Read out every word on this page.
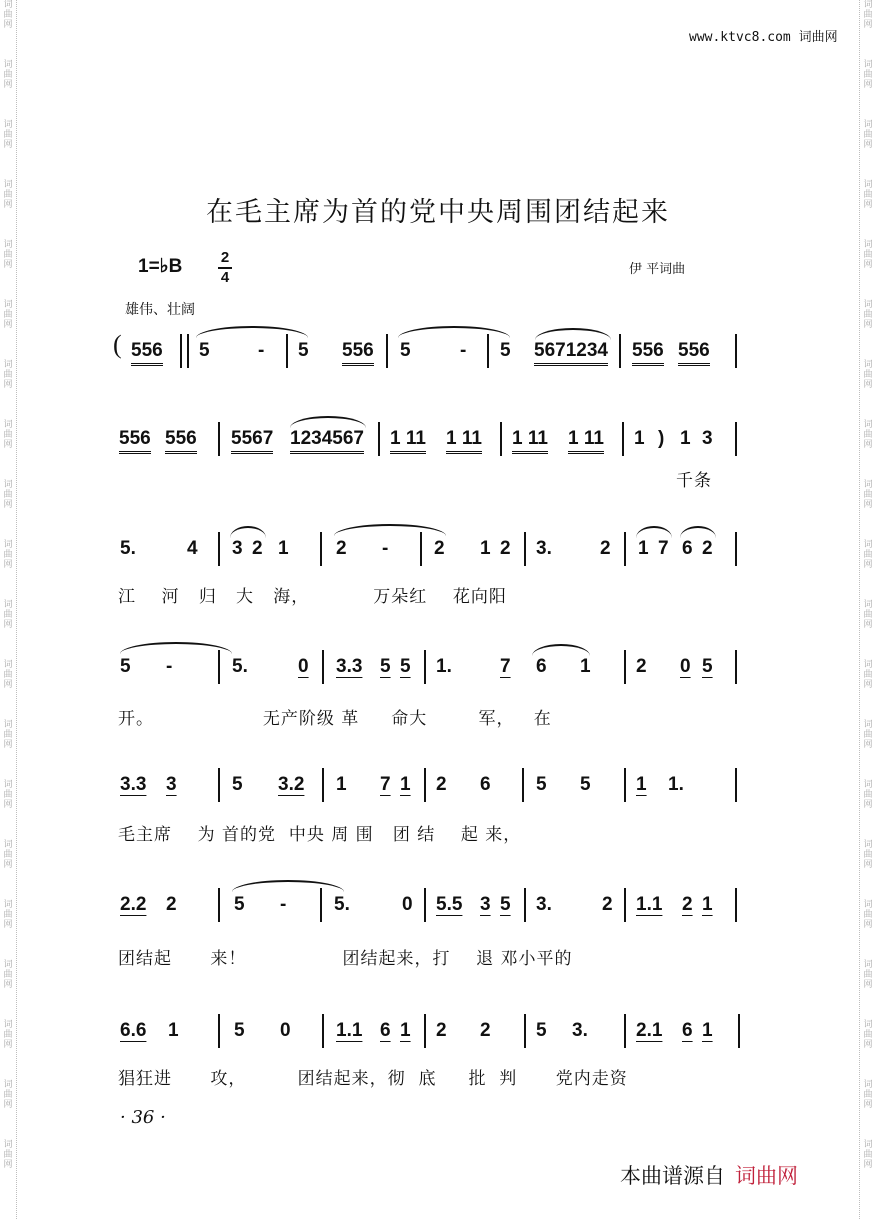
词
曲
网
词
曲
网
词
曲
网
词
曲
网
词
曲
网
词
曲
网
词
曲
网
词
曲
网
词
曲
网
词
曲
网
词
曲
网
词
曲
网
词
曲
网
词
曲
网
词
曲
网
词
曲
网
词
曲
网
词
曲
网
词
曲
网
词
曲
网
词
曲
网
词
曲
网
词
曲
网
词
曲
网
词
曲
网
词
曲
网
词
曲
网
词
曲
网
词
曲
网
词
曲
网
词
曲
网
词
曲
网
词
曲
网
词
曲
网
词
曲
网
词
曲
网
词
曲
网
词
曲
网
词
曲
网
词
曲
网
www.ktvc8.com 词曲网
在毛主席为首的党中央周围团结起来
1=♭B	2
4	伊 平词曲
雄伟、壮阔
( 556 5	- 5 556 5	- 5 5671234 556 556
556 556 5567 1234567 1 11 1 11 1 11 1 11 1 ) 1 3
千条
5.	4 3 2 1 2 - 2 1 2 3.	2 1 7 6 2
江    河   归   大   海，          万朵红    花向阳
5 -	5.	0 3.3 5 5 1.	7 6 1 2 0 5
开。                 无产阶级 革     命大        军，   在
3.3 3	5 3.2 1 7 1 2 6 5 5 1 1.
毛主席    为 首的党  中央 周 围   团 结    起 来，
2.2 2	5 -	5.	0 5.5 3 5 3.	2 1.1 2 1
团结起      来！               团结起来，打    退 邓小平的
6.6 1	5 0 1.1 6 1 2 2 5 3.	2.1 6 1
猖狂进      攻，        团结起来，彻  底     批  判      党内走资
· 36 ·
本曲谱源自 词曲网
